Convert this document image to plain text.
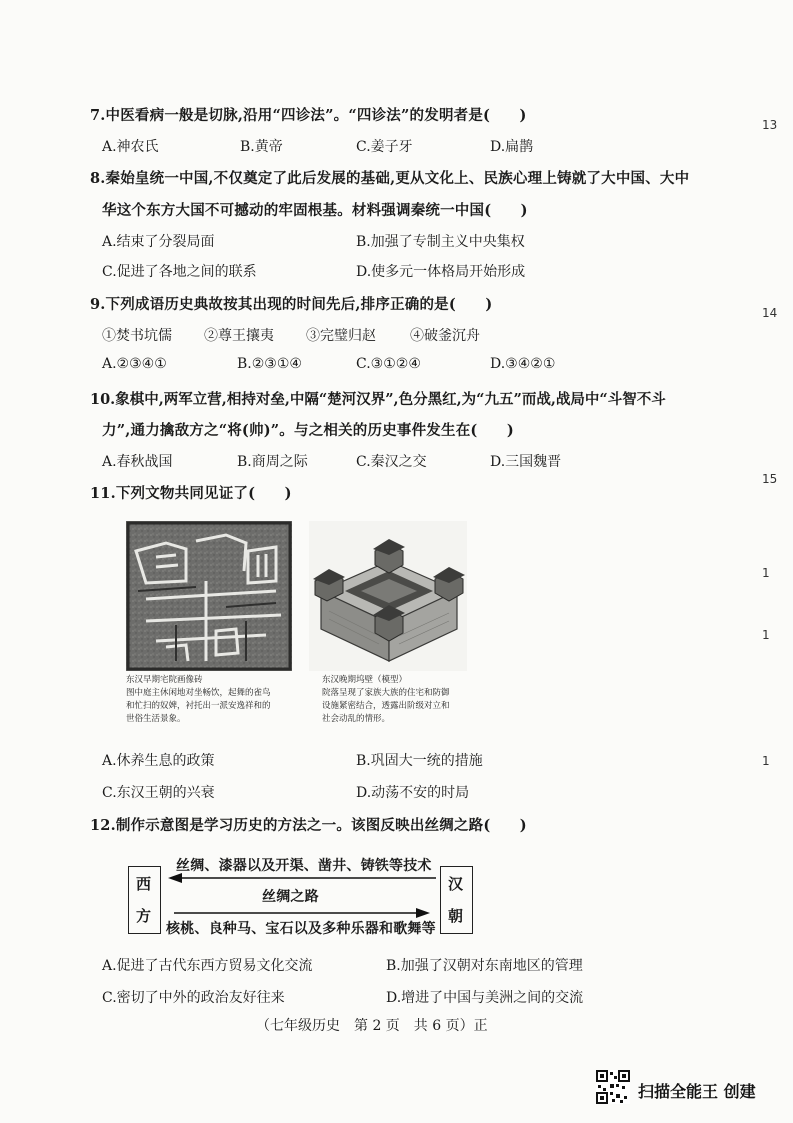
7.中医看病一般是切脉,沿用“四诊法”。“四诊法”的发明者是(　　)
A.神农氏	B.黄帝	C.姜子牙	D.扁鹊
8.秦始皇统一中国,不仅奠定了此后发展的基础,更从文化上、民族心理上铸就了大中国、大中
华这个东方大国不可撼动的牢固根基。材料强调秦统一中国(　　)
A.结束了分裂局面	B.加强了专制主义中央集权
C.促进了各地之间的联系	D.使多元一体格局开始形成
9.下列成语历史典故按其出现的时间先后,排序正确的是(　　)
①焚书坑儒 ②尊王攘夷 ③完璧归赵 ④破釜沉舟
A.②③④①	B.②③①④	C.③①②④	D.③④②①
10.象棋中,两军立营,相持对垒,中隔“楚河汉界”,色分黑红,为“九五”而战,战局中“斗智不斗
力”,通力擒敌方之“将(帅)”。与之相关的历史事件发生在(　　)
A.春秋战国	B.商周之际	C.秦汉之交	D.三国魏晋
11.下列文物共同见证了(　　)
东汉早期宅院画像砖
图中庭主休闲地对坐畅饮，起舞的雀鸟
和忙扫的奴婢，衬托出一派安逸祥和的
世俗生活景象。
东汉晚期坞壁（模型）
院落呈现了家族大族的住宅和防御
设施紧密结合，透露出阶级对立和
社会动乱的情形。
A.休养生息的政策	B.巩固大一统的措施
C.东汉王朝的兴衰	D.动荡不安的时局
12.制作示意图是学习历史的方法之一。该图反映出丝绸之路(　　)
西
方
汉
朝
丝绸、漆器以及开渠、凿井、铸铁等技术
丝绸之路
核桃、良种马、宝石以及多种乐器和歌舞等
A.促进了古代东西方贸易文化交流	B.加强了汉朝对东南地区的管理
C.密切了中外的政治友好往来	D.增进了中国与美洲之间的交流
（七年级历史　第 2 页　共 6 页）正
13
14
15
1
1
1
扫描全能王 创建
